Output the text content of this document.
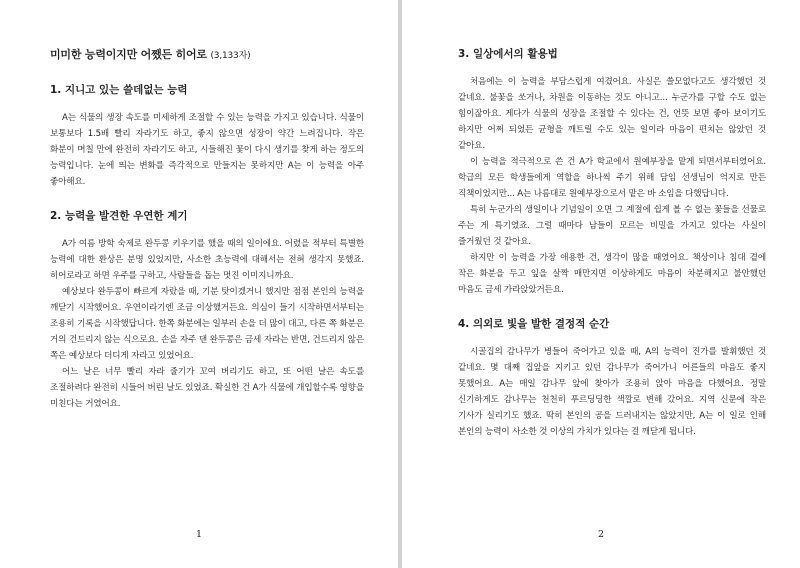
미미한 능력이지만 어쨌든 히어로 (3,133자)
1. 지니고 있는 쓸데없는 능력

A는 식물의 생장 속도를 미세하게 조절할 수 있는 능력을 가지고 있습니다. 식물이 보통보다 1.5배 빨리 자라기도 하고, 좋지 않으면 성장이 약간 느려집니다. 작은 화분이 며칠 만에 완전히 자라기도 하고, 시들해진 꽃이 다시 생기를 찾게 하는 정도의 능력입니다. 눈에 띄는 변화를 즉각적으로 만들지는 못하지만 A는 이 능력을 아주 좋아해요.

2. 능력을 발견한 우연한 계기

A가 여름 방학 숙제로 완두콩 키우기를 했을 때의 일이에요. 어렸을 적부터 특별한 능력에 대한 환상은 분명 있었지만, 사소한 초능력에 대해서는 전혀 생각지 못했죠. 히어로라고 하면 우주를 구하고, 사람들을 돕는 멋진 이미지니까요.

예상보다 완두콩이 빠르게 자랐을 때, 기분 탓이겠거니 했지만 점점 본인의 능력을 깨닫기 시작했어요. 우연이라기엔 조금 이상했거든요. 의심이 들기 시작하면서부터는 조용히 기록을 시작했답니다. 한쪽 화분에는 일부러 손을 더 많이 대고, 다른 쪽 화분은 거의 건드리지 않는 식으로요. 손을 자주 댄 완두콩은 금세 자라는 반면, 건드리지 않은 쪽은 예상보다 더디게 자라고 있었어요.

어느 날은 너무 빨리 자라 줄기가 꼬여 버리기도 하고, 또 어떤 날은 속도를 조절하려다 완전히 시들어 버린 날도 있었죠. 확실한 건 A가 식물에 개입할수록 영향을 미친다는 거였어요.

1
3. 일상에서의 활용법

처음에는 이 능력을 부담스럽게 여겼어요. 사실은 쓸모없다고도 생각했던 것 같네요. 불꽃을 쏘거나, 차원을 이동하는 것도 아니고... 누군가를 구할 수도 없는 힘이잖아요. 게다가 식물의 성장을 조절할 수 있다는 건, 언뜻 보면 좋아 보이기도 하지만 어쩌 되었든 균형을 깨트릴 수도 있는 일이라 마음이 편치는 않았던 것 같아요.

이 능력을 적극적으로 쓴 건 A가 학교에서 원예부장을 맡게 되면서부터였어요. 학급의 모든 학생들에게 역할을 하나씩 주기 위해 담임 선생님이 억지로 만든 직책이었지만... A는 나름대로 원예부장으로서 맡은 바 소임을 다했답니다.

특히 누군가의 생일이나 기념일이 오면 그 계절에 쉽게 볼 수 없는 꽃들을 선물로 주는 게 특기였죠. 그럴 때마다 남들이 모르는 비밀을 가지고 있다는 사실이 즐거웠던 것 같아요.

하지만 이 능력을 가장 애용한 건, 생각이 많을 때였어요. 책상이나 침대 곁에 작은 화분을 두고 잎을 살짝 매만지면 이상하게도 마음이 차분해지고 불안했던 마음도 금세 가라앉았거든요.

4. 의외로 빛을 발한 결정적 순간

시골집의 감나무가 병들어 죽어가고 있을 때, A의 능력이 진가를 발휘했던 것 같네요. 몇 대째 집앞을 지키고 있던 감나무가 죽어가니 어른들의 마음도 좋지 못했어요. A는 매일 감나무 앞에 찾아가 조용히 앉아 마음을 다했어요. 정말 신기하게도 감나무는 천천히 푸르딩딩한 색깔로 변해 갔어요. 지역 신문에 작은 기사가 실리기도 했죠. 딱히 본인의 공을 드러내지는 않았지만, A는 이 일로 인해 본인의 능력이 사소한 것 이상의 가치가 있다는 걸 깨닫게 됩니다.

2
